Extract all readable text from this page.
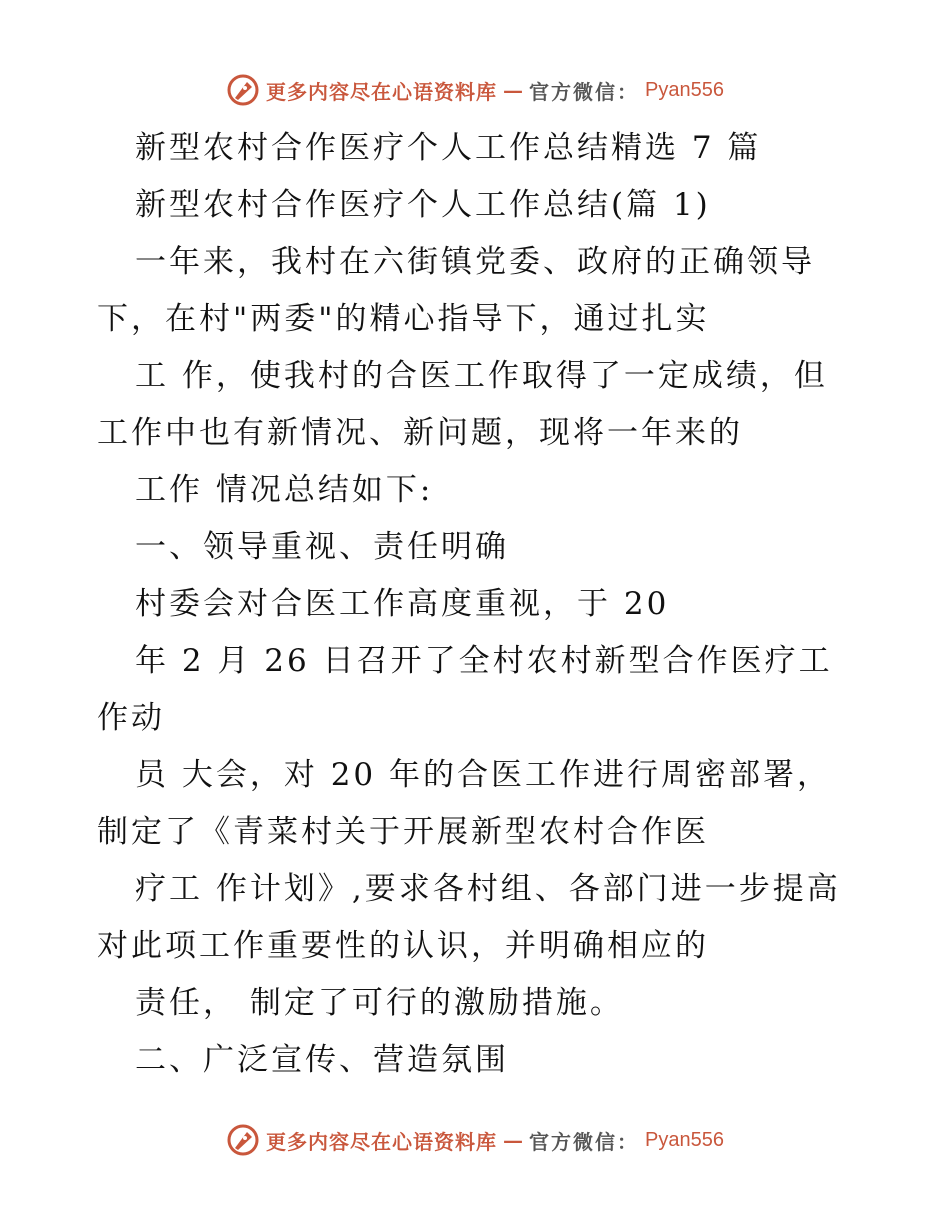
更多内容尽在心语资料库 — 官方微信： Pyan556
新型农村合作医疗个人工作总结精选 7 篇
新型农村合作医疗个人工作总结(篇 1)
一年来，我村在六街镇党委、政府的正确领导
下，在村"两委"的精心指导下，通过扎实
工 作，使我村的合医工作取得了一定成绩，但
工作中也有新情况、新问题，现将一年来的
工作 情况总结如下:
一、领导重视、责任明确
村委会对合医工作高度重视，于 20
年 2 月 26 日召开了全村农村新型合作医疗工
作动
员 大会，对 20 年的合医工作进行周密部署，
制定了《青菜村关于开展新型农村合作医
疗工 作计划》,要求各村组、各部门进一步提高
对此项工作重要性的认识，并明确相应的
责任， 制定了可行的激励措施。
二、广泛宣传、营造氛围
更多内容尽在心语资料库 — 官方微信： Pyan556
